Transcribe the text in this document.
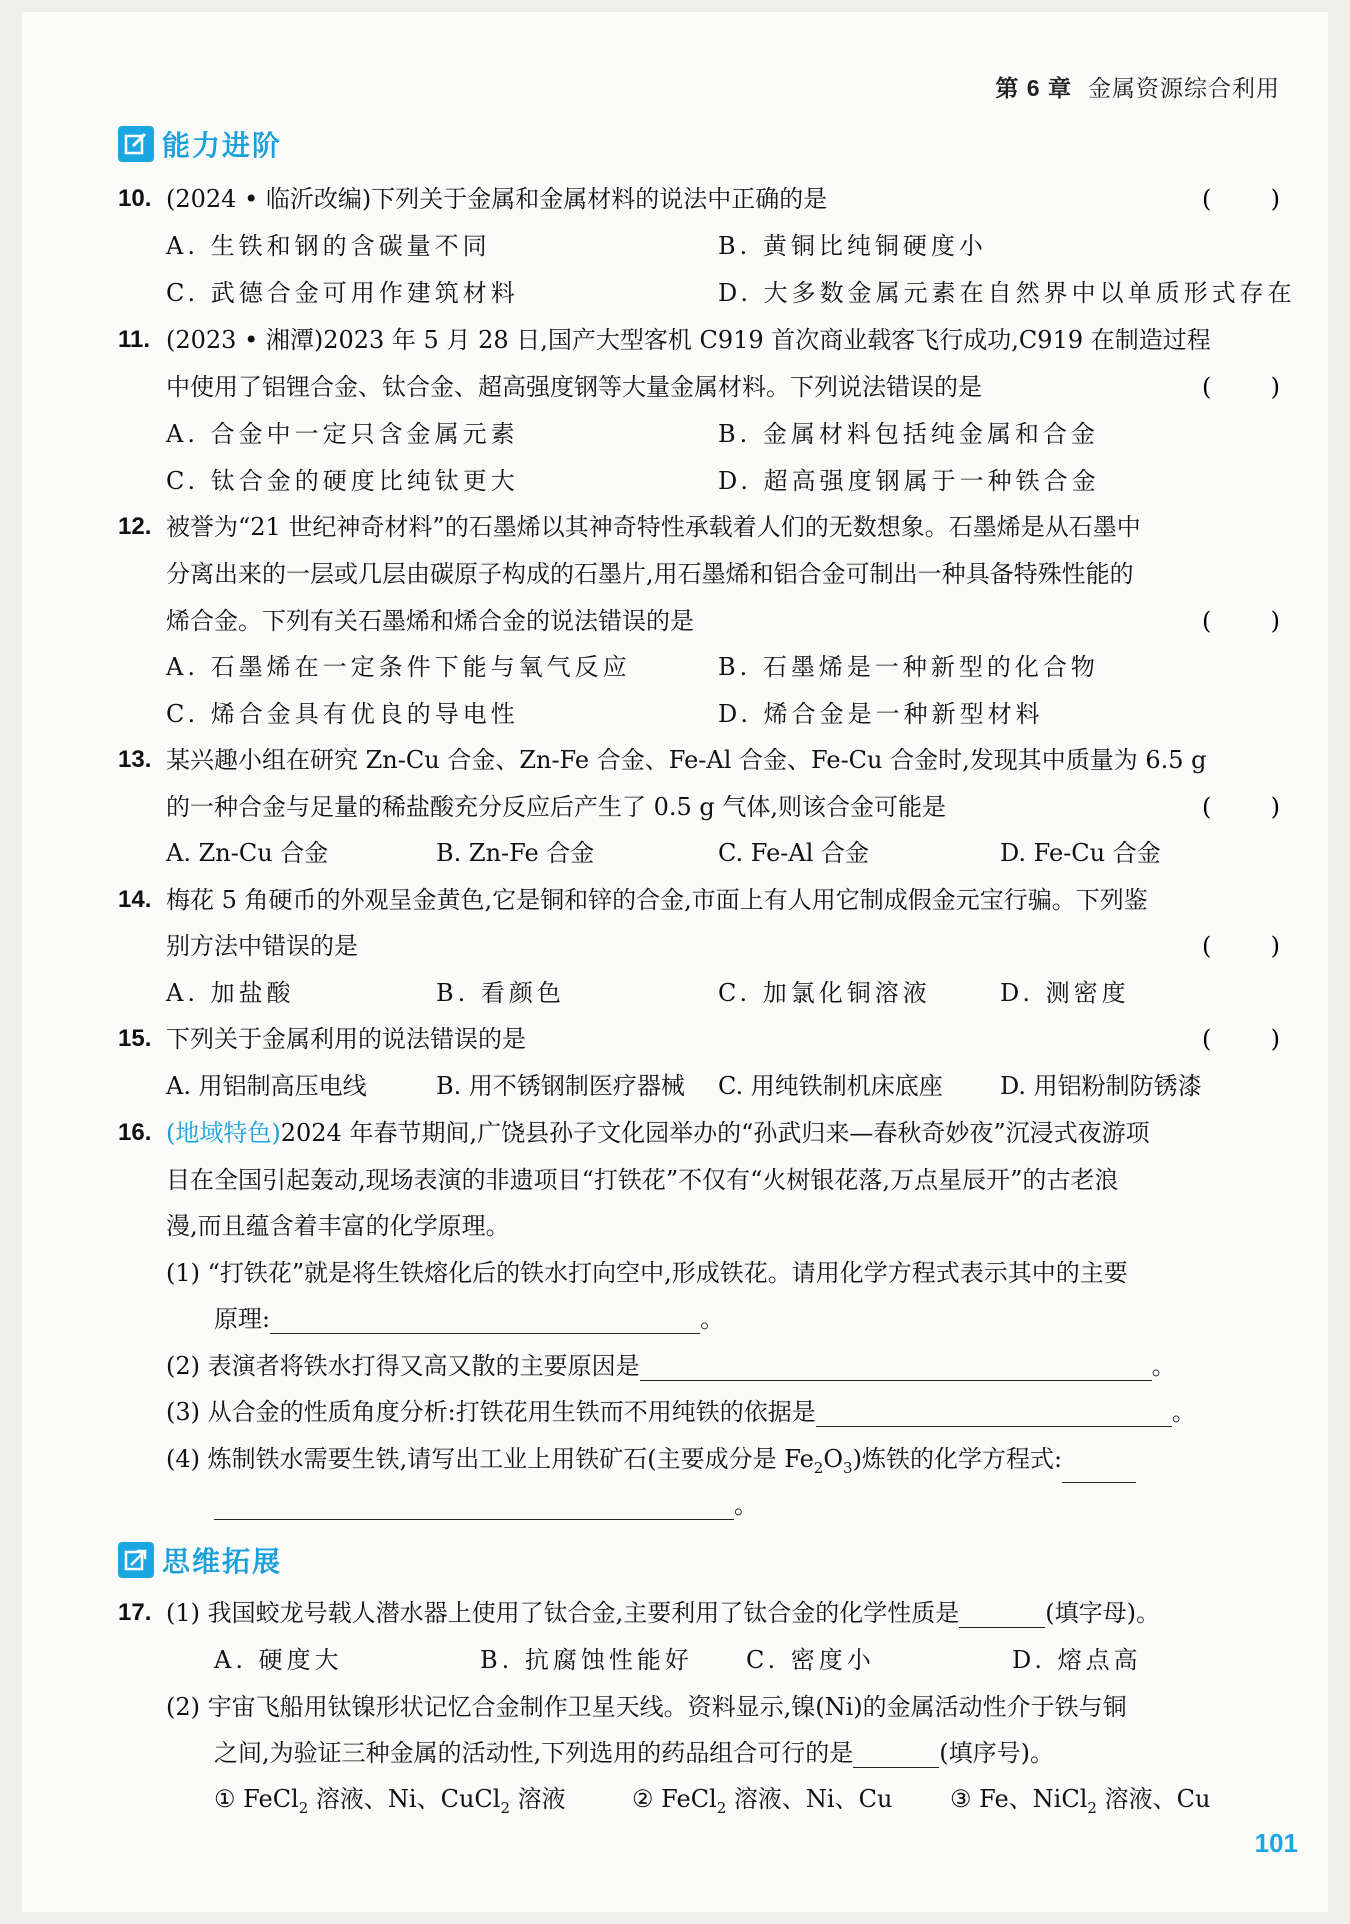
第 6 章 金属资源综合利用
能力进阶
10. (2024 • 临沂改编)下列关于金属和金属材料的说法中正确的是	( )
A. 生铁和钢的含碳量不同	B. 黄铜比纯铜硬度小
C. 武德合金可用作建筑材料	D. 大多数金属元素在自然界中以单质形式存在
11. (2023 • 湘潭)2023 年 5 月 28 日,国产大型客机 C919 首次商业载客飞行成功,C919 在制造过程
中使用了铝锂合金、钛合金、超高强度钢等大量金属材料。下列说法错误的是	( )
A. 合金中一定只含金属元素	B. 金属材料包括纯金属和合金
C. 钛合金的硬度比纯钛更大	D. 超高强度钢属于一种铁合金
12. 被誉为“21 世纪神奇材料”的石墨烯以其神奇特性承载着人们的无数想象。石墨烯是从石墨中
分离出来的一层或几层由碳原子构成的石墨片,用石墨烯和铝合金可制出一种具备特殊性能的
烯合金。下列有关石墨烯和烯合金的说法错误的是	( )
A. 石墨烯在一定条件下能与氧气反应	B. 石墨烯是一种新型的化合物
C. 烯合金具有优良的导电性	D. 烯合金是一种新型材料
13. 某兴趣小组在研究 Zn-Cu 合金、Zn-Fe 合金、Fe-Al 合金、Fe-Cu 合金时,发现其中质量为 6.5 g
的一种合金与足量的稀盐酸充分反应后产生了 0.5 g 气体,则该合金可能是	( )
A. Zn-Cu 合金	B. Zn-Fe 合金	C. Fe-Al 合金	D. Fe-Cu 合金
14. 梅花 5 角硬币的外观呈金黄色,它是铜和锌的合金,市面上有人用它制成假金元宝行骗。下列鉴
别方法中错误的是	( )
A. 加盐酸	B. 看颜色	C. 加氯化铜溶液	D. 测密度
15. 下列关于金属利用的说法错误的是	( )
A. 用铝制高压电线	B. 用不锈钢制医疗器械 C. 用纯铁制机床底座 D. 用铝粉制防锈漆
16. (地域特色)2024 年春节期间,广饶县孙子文化园举办的“孙武归来—春秋奇妙夜”沉浸式夜游项
目在全国引起轰动,现场表演的非遗项目“打铁花”不仅有“火树银花落,万点星辰开”的古老浪
漫,而且蕴含着丰富的化学原理。
(1) “打铁花”就是将生铁熔化后的铁水打向空中,形成铁花。请用化学方程式表示其中的主要
原理:	。
(2) 表演者将铁水打得又高又散的主要原因是	。
(3) 从合金的性质角度分析:打铁花用生铁而不用纯铁的依据是	。
(4) 炼制铁水需要生铁,请写出工业上用铁矿石(主要成分是 $Fe_2O_3$)炼铁的化学方程式:
。
思维拓展
17. (1) 我国蛟龙号载人潜水器上使用了钛合金,主要利用了钛合金的化学性质是	(填字母)。
A. 硬度大	B. 抗腐蚀性能好 C. 密度小	D. 熔点高
(2) 宇宙飞船用钛镍形状记忆合金制作卫星天线。资料显示,镍(Ni)的金属活动性介于铁与铜
之间,为验证三种金属的活动性,下列选用的药品组合可行的是	(填序号)。
① FeCl$_2$ 溶液、Ni、CuCl$_2$ 溶液	② FeCl$_2$ 溶液、Ni、Cu ③ Fe、NiCl$_2$ 溶液、Cu
101
